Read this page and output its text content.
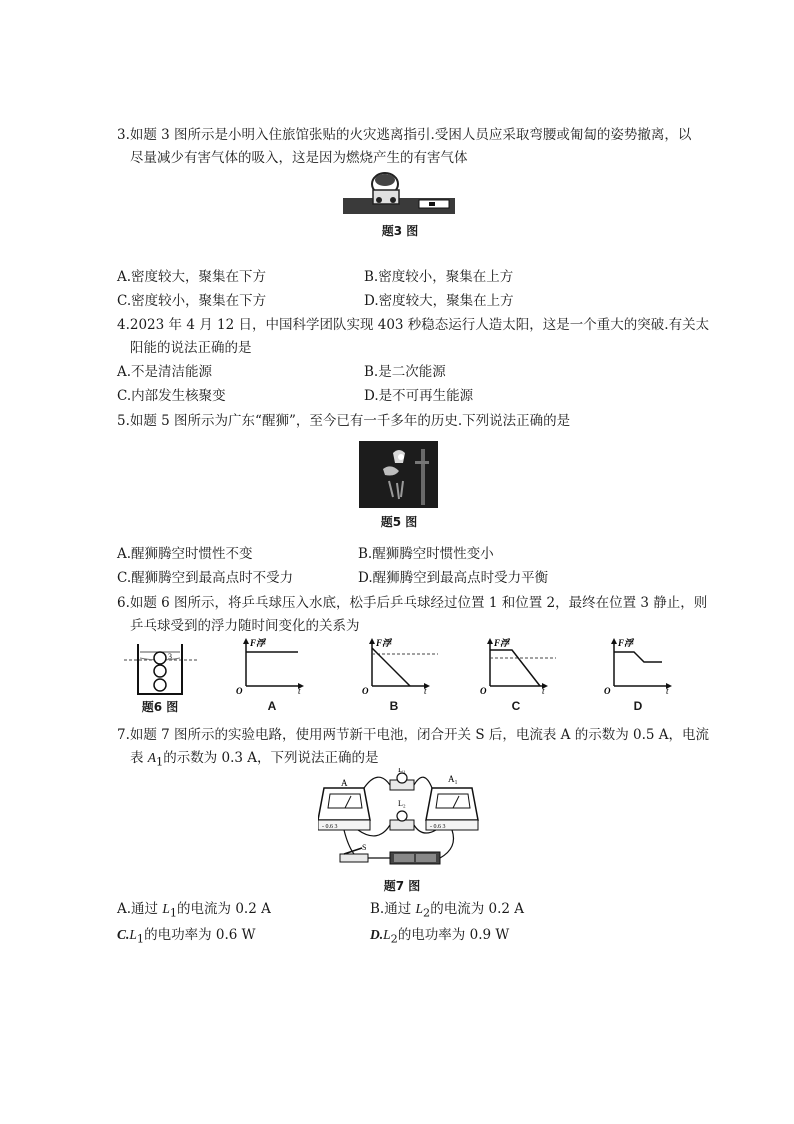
3.如题 3 图所示是小明入住旅馆张贴的火灾逃离指引.受困人员应采取弯腰或匍匐的姿势撤离，以
尽量减少有害气体的吸入，这是因为燃烧产生的有害气体
题3 图
A.密度较大，聚集在下方	B.密度较小，聚集在上方
C.密度较小，聚集在下方	D.密度较大，聚集在上方
4.2023 年 4 月 12 日，中国科学团队实现 403 秒稳态运行人造太阳，这是一个重大的突破.有关太
阳能的说法正确的是
A.不是清洁能源	B.是二次能源
C.内部发生核聚变	D.是不可再生能源
5.如题 5 图所示为广东“醒狮”，至今已有一千多年的历史.下列说法正确的是
题5 图
A.醒狮腾空时惯性不变	B.醒狮腾空时惯性变小
C.醒狮腾空到最高点时不受力	D.醒狮腾空到最高点时受力平衡
6.如题 6 图所示，将乒乓球压入水底，松手后乒乓球经过位置 1 和位置 2，最终在位置 3 静止，则
乒乓球受到的浮力随时间变化的关系为
3
题6 图
F浮
t
O
A
F浮
t
O
B
F浮
t
O
C
F浮
t
O
D
7.如题 7 图所示的实验电路，使用两节新干电池，闭合开关 S 后，电流表 A 的示数为 0.5 A，电流
表 $A_1$的示数为 0.3 A，下列说法正确的是
A
- 0.6 3
A₁
- 0.6 3
L₁
L₂
S
题7 图
A.通过 $L_1$的电流为 0.2 A	B.通过 $L_2$的电流为 0.2 A
$C.L_1$的电功率为 0.6 W	$D.L_2$的电功率为 0.9 W
